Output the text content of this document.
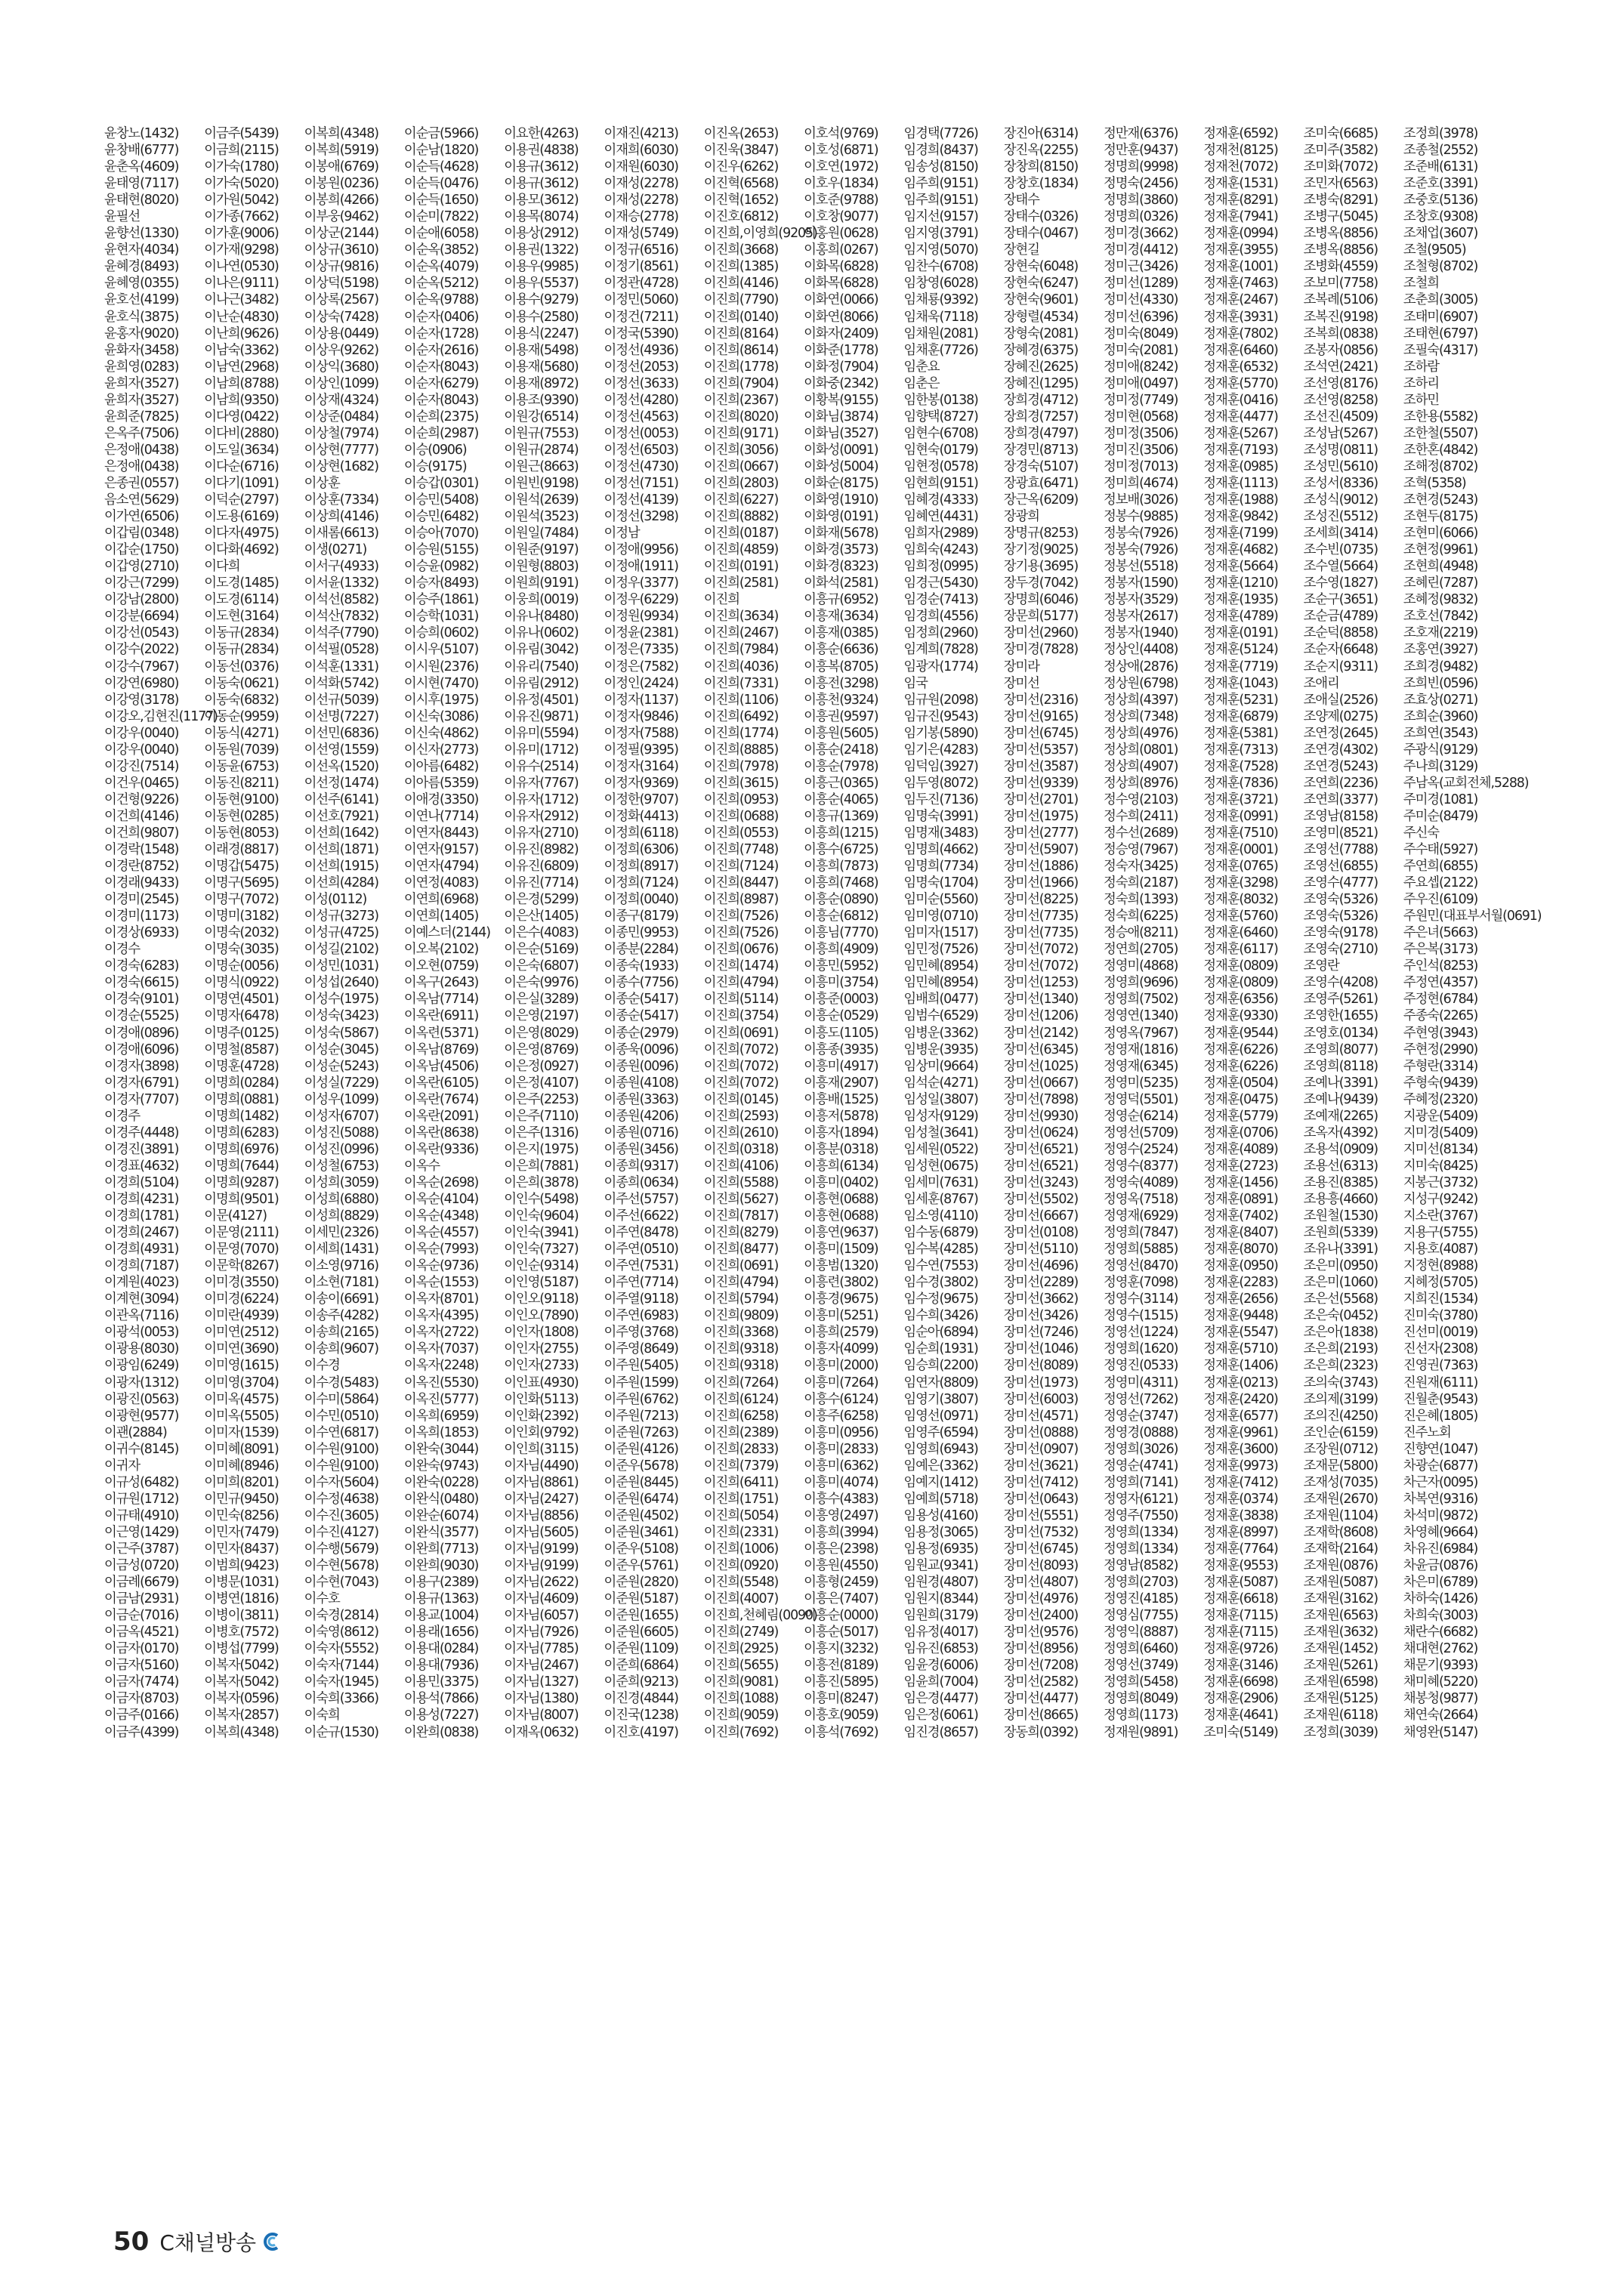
윤창노(1432)
윤창배(6777)
윤춘옥(4609)
윤태영(7117)
윤태현(8020)
윤필선
윤향선(1330)
윤현자(4034)
윤혜경(8493)
윤혜영(0355)
윤호선(4199)
윤호식(3875)
윤홍자(9020)
윤화자(3458)
윤희영(0283)
윤희자(3527)
윤희자(3527)
윤희준(7825)
은옥주(7506)
은정애(0438)
은정애(0438)
은종권(0557)
음소연(5629)
이가연(6506)
이갑림(0348)
이갑순(1750)
이갑영(2710)
이강근(7299)
이강남(2800)
이강분(6694)
이강선(0543)
이강수(2022)
이강수(7967)
이강연(6980)
이강영(3178)
이강오,김현진(1177)
이강우(0040)
이강우(0040)
이강진(7514)
이건우(0465)
이건형(9226)
이건희(4146)
이건희(9807)
이경락(1548)
이경란(8752)
이경래(9433)
이경미(2545)
이경미(1173)
이경상(6933)
이경수
이경숙(6283)
이경숙(6615)
이경숙(9101)
이경순(5525)
이경애(0896)
이경애(6096)
이경자(3898)
이경자(6791)
이경자(7707)
이경주
이경주(4448)
이경진(3891)
이경표(4632)
이경희(5104)
이경희(4231)
이경희(1781)
이경희(2467)
이경희(4931)
이경희(7187)
이계원(4023)
이계현(3094)
이관옥(7116)
이광석(0053)
이광용(8030)
이광임(6249)
이광자(1312)
이광진(0563)
이광현(9577)
이괜(2884)
이귀수(8145)
이귀자
이규성(6482)
이규원(1712)
이규태(4910)
이근영(1429)
이근주(3787)
이금성(0720)
이금례(6679)
이금남(2931)
이금순(7016)
이금옥(4521)
이금자(0170)
이금자(5160)
이금자(7474)
이금자(8703)
이금주(0166)
이금주(4399)
이금주(5439)
이금희(2115)
이가숙(1780)
이가숙(5020)
이가원(5042)
이가종(7662)
이가훈(9006)
이가재(9298)
이나연(0530)
이나은(9111)
이나근(3482)
이난순(4830)
이난희(9626)
이남숙(3362)
이남연(2968)
이남희(8788)
이남희(9350)
이다영(0422)
이다비(2880)
이도일(3634)
이다순(6716)
이다기(1091)
이덕순(2797)
이도용(6169)
이다자(4975)
이다화(4692)
이다희
이도경(1485)
이도경(6114)
이도현(3164)
이동규(2834)
이동규(2834)
이동선(0376)
이동숙(0621)
이동숙(6832)
이동순(9959)
이동식(4271)
이동원(7039)
이동윤(6753)
이동진(8211)
이동현(9100)
이동현(0285)
이동현(8053)
이래경(8817)
이명갑(5475)
이명구(5695)
이명구(7072)
이명미(3182)
이명숙(2032)
이명숙(3035)
이명순(0056)
이명식(0922)
이명연(4501)
이명자(6478)
이명주(0125)
이명철(8587)
이명훈(4728)
이명희(0284)
이명희(0881)
이명희(1482)
이명희(6283)
이명희(6976)
이명희(7644)
이명희(9287)
이명희(9501)
이문(4127)
이문영(2111)
이문영(7070)
이문학(8267)
이미경(3550)
이미경(6224)
이미란(4939)
이미연(2512)
이미연(3690)
이미영(1615)
이미영(3704)
이미옥(4575)
이미옥(5505)
이미자(1539)
이미혜(8091)
이미혜(8946)
이미희(8201)
이민규(9450)
이민숙(8256)
이민자(7479)
이민자(8437)
이범희(9423)
이병문(1031)
이병연(1816)
이병이(3811)
이병호(7572)
이병섭(7799)
이복자(5042)
이복자(5042)
이복자(0596)
이복자(2857)
이복희(4348)
이복희(4348)
이복희(5919)
이봉애(6769)
이봉원(0236)
이봉희(4266)
이부웅(9462)
이상군(2144)
이상규(3610)
이상규(9816)
이상덕(5198)
이상록(2567)
이상숙(7428)
이상용(0449)
이상우(9262)
이상익(3680)
이상인(1099)
이상재(4324)
이상준(0484)
이상철(7974)
이상현(7777)
이상현(1682)
이상훈
이상훈(7334)
이상희(4146)
이새롬(6613)
이생(0271)
이서구(4933)
이서윤(1332)
이석선(8582)
이석산(7832)
이석주(7790)
이석필(0528)
이석훈(1331)
이석화(5742)
이선규(5039)
이선명(7227)
이선민(6836)
이선영(1559)
이선옥(1520)
이선정(1474)
이선주(6141)
이선호(7921)
이선희(1642)
이선희(1871)
이선희(1915)
이선희(4284)
이성(0112)
이성규(3273)
이성규(4725)
이성길(2102)
이성민(1031)
이성섭(2640)
이성수(1975)
이성숙(3423)
이성숙(5867)
이성순(3045)
이성순(5243)
이성실(7229)
이성우(1099)
이성자(6707)
이성진(5088)
이성진(0996)
이성철(6753)
이성희(3059)
이성희(6880)
이성희(8829)
이세민(2326)
이세희(1431)
이소영(9716)
이소현(7181)
이송이(6691)
이송주(4282)
이송희(2165)
이송희(9607)
이수경
이수경(5483)
이수미(5864)
이수민(0510)
이수연(6817)
이수원(9100)
이수원(9100)
이수자(5604)
이수정(4638)
이수진(3605)
이수진(4127)
이수행(5679)
이수현(5678)
이수현(7043)
이수호
이숙경(2814)
이숙영(8612)
이숙자(5552)
이숙자(7144)
이숙자(1945)
이숙희(3366)
이숙희
이순규(1530)
이순금(5966)
이순남(1820)
이순득(4628)
이순득(0476)
이순득(1650)
이순미(7822)
이순애(6058)
이순옥(3852)
이순옥(4079)
이순옥(5212)
이순옥(9788)
이순자(0406)
이순자(1728)
이순자(2616)
이순자(8043)
이순자(6279)
이순자(8043)
이순희(2375)
이순희(2987)
이승(0906)
이승(9175)
이승갑(0301)
이승민(5408)
이승민(6482)
이승아(7070)
이승원(5155)
이승윤(0982)
이승자(8493)
이승주(1861)
이승학(1031)
이승희(0602)
이시우(5107)
이시원(2376)
이시현(7470)
이시후(1975)
이신숙(3086)
이신숙(4862)
이신자(2773)
이아름(6482)
이아름(5359)
이애경(3350)
이연나(7714)
이연자(8443)
이연자(9157)
이연자(4794)
이연정(4083)
이연희(6968)
이연희(1405)
이예스더(2144)
이오복(2102)
이오현(0759)
이옥구(2643)
이옥남(7714)
이옥란(6911)
이옥련(5371)
이옥남(8769)
이옥남(4506)
이옥란(6105)
이옥란(7674)
이옥란(2091)
이옥란(8638)
이옥란(9336)
이옥수
이옥순(2698)
이옥순(4104)
이옥순(4348)
이옥순(4557)
이옥순(7993)
이옥순(9736)
이옥순(1553)
이옥자(8701)
이옥자(4395)
이옥자(2722)
이옥자(7037)
이옥자(2248)
이옥진(5530)
이옥진(5777)
이옥희(6959)
이옥희(1853)
이완숙(3044)
이완숙(9743)
이완숙(0228)
이완식(0480)
이완순(6074)
이완식(3577)
이완희(7713)
이완희(9030)
이용구(2389)
이용규(1363)
이용교(1004)
이용래(1656)
이용대(0284)
이용대(7936)
이용민(3375)
이용석(7866)
이용성(7227)
이완희(0838)
이요한(4263)
이용권(4838)
이용규(3612)
이용규(3612)
이용모(3612)
이용목(8074)
이용상(2912)
이용권(1322)
이용우(9985)
이용우(5537)
이용수(9279)
이용수(2580)
이용식(2247)
이용재(5498)
이용재(5680)
이용재(8972)
이용조(9390)
이원강(6514)
이원규(7553)
이원규(2874)
이원근(8663)
이원빈(9198)
이원석(2639)
이원석(3523)
이원일(7484)
이원준(9197)
이원형(8803)
이원희(9191)
이웅희(0019)
이유나(8480)
이유나(0602)
이유림(3042)
이유리(7540)
이유림(2912)
이유정(4501)
이유진(9871)
이유미(5594)
이유미(1712)
이유수(2514)
이유자(7767)
이유자(1712)
이유자(2912)
이유자(2710)
이유진(8982)
이유진(6809)
이유진(7714)
이은경(5299)
이은산(1405)
이은수(4083)
이은순(5169)
이은숙(6807)
이은숙(9976)
이은실(3289)
이은영(2197)
이은영(8029)
이은영(8769)
이은정(0927)
이은정(4107)
이은주(2253)
이은주(7110)
이은주(1316)
이은지(1975)
이은희(7881)
이은희(3878)
이인수(5498)
이인숙(9604)
이인숙(3941)
이인숙(7327)
이인순(9314)
이인영(5187)
이인오(9118)
이인오(7890)
이인자(1808)
이인자(2755)
이인자(2733)
이인표(4930)
이인화(5113)
이인화(2392)
이인회(9792)
이인희(3115)
이자님(4490)
이자님(8861)
이자님(2427)
이자님(8856)
이자님(5605)
이자님(9199)
이자님(9199)
이자님(2622)
이자님(4609)
이자님(6057)
이자님(7926)
이자님(7785)
이자님(2467)
이자님(1327)
이자님(1380)
이자님(8007)
이재옥(0632)
이재진(4213)
이재희(6030)
이재원(6030)
이재성(2278)
이재성(2278)
이재승(2778)
이재성(5749)
이정규(6516)
이정기(8561)
이정관(4728)
이정민(5060)
이정건(7211)
이정국(5390)
이정선(4936)
이정선(2053)
이정선(3633)
이정선(4280)
이정선(4563)
이정선(0053)
이정선(6503)
이정선(4730)
이정선(7151)
이정선(4139)
이정선(3298)
이정남
이정애(9956)
이정애(1911)
이정우(3377)
이정우(6229)
이정원(9934)
이정윤(2381)
이정은(7335)
이정은(7582)
이정인(2424)
이정자(1137)
이정자(9846)
이정자(7588)
이정필(9395)
이정자(3164)
이정자(9369)
이정한(9707)
이정화(4413)
이정희(6118)
이정희(6306)
이정희(8917)
이정희(7124)
이정희(0040)
이종구(8179)
이종민(9953)
이종분(2284)
이종숙(1933)
이종수(7756)
이종순(5417)
이종순(5417)
이종순(2979)
이종욱(0096)
이종원(0096)
이종원(4108)
이종원(3363)
이종원(4206)
이종원(0716)
이종원(3456)
이종희(9317)
이종희(0634)
이주선(5757)
이주선(6622)
이주연(8478)
이주연(0510)
이주연(7531)
이주연(7714)
이주열(9118)
이주연(6983)
이주영(3768)
이주영(8649)
이주원(5405)
이주원(1599)
이주원(6762)
이주원(7213)
이준원(7263)
이준원(4126)
이준우(5678)
이준원(8445)
이준원(6474)
이준원(4502)
이준원(3461)
이준우(5108)
이준우(5761)
이준원(2820)
이준원(5187)
이준원(1655)
이준원(6605)
이준원(1109)
이준희(6864)
이준희(9213)
이진경(4844)
이진국(1238)
이진호(4197)
이진옥(2653)
이진욱(3847)
이진우(6262)
이진혁(6568)
이진혁(1652)
이진호(6812)
이진희,이영희(9205)
이진희(3668)
이진희(1385)
이진희(4146)
이진희(7790)
이진희(0140)
이진희(8164)
이진희(8614)
이진희(1778)
이진희(7904)
이진희(2367)
이진희(8020)
이진희(9171)
이진희(3056)
이진희(0667)
이진희(2803)
이진희(6227)
이진희(8882)
이진희(0187)
이진희(4859)
이진희(0191)
이진희(2581)
이진희
이진희(3634)
이진희(2467)
이진희(7984)
이진희(4036)
이진희(7331)
이진희(1106)
이진희(6492)
이진희(1774)
이진희(8885)
이진희(7978)
이진희(3615)
이진희(0953)
이진희(0688)
이진희(0553)
이진희(7748)
이진희(7124)
이진희(8447)
이진희(8987)
이진희(7526)
이진희(7526)
이진희(0676)
이진희(1474)
이진희(4794)
이진희(5114)
이진희(3754)
이진희(0691)
이진희(7072)
이진희(7072)
이진희(7072)
이진희(0145)
이진희(2593)
이진희(2610)
이진희(0318)
이진희(4106)
이진희(5588)
이진희(5627)
이진희(7817)
이진희(8279)
이진희(8477)
이진희(0691)
이진희(4794)
이진희(5794)
이진희(9809)
이진희(3368)
이진희(9318)
이진희(9318)
이진희(7264)
이진희(6124)
이진희(6258)
이진희(2389)
이진희(2833)
이진희(7379)
이진희(6411)
이진희(1751)
이진희(5054)
이진희(2331)
이진희(1006)
이진희(0920)
이진희(5548)
이진희(4007)
이진희,천혜림(0090)
이진희(2749)
이진희(2925)
이진희(5655)
이진희(9081)
이진희(1088)
이진희(9059)
이진희(7692)
이호석(9769)
이호성(6871)
이호연(1972)
이호우(1834)
이호준(9788)
이호창(9077)
이홍원(0628)
이홍희(0267)
이화목(6828)
이화목(6828)
이화연(0066)
이화연(8066)
이화자(2409)
이화준(1778)
이화정(7904)
이화중(2342)
이황복(9155)
이화님(3874)
이화님(3527)
이화성(0091)
이화성(5004)
이화순(8175)
이화영(1910)
이화영(0191)
이화재(5678)
이화경(3573)
이화경(8323)
이화석(2581)
이흥규(6952)
이흥재(3634)
이흥재(0385)
이흥순(6636)
이흥복(8705)
이흥전(3298)
이흥천(9324)
이흥권(9597)
이흥원(5605)
이흥순(2418)
이흥순(7978)
이흥근(0365)
이흥순(4065)
이흥규(1369)
이흥희(1215)
이흥수(6725)
이흥희(7873)
이흥희(7468)
이흥순(0890)
이흥순(6812)
이흥님(7770)
이흥희(4909)
이흥민(5952)
이흥미(3754)
이흥준(0003)
이흥순(0529)
이흥도(1105)
이흥종(3935)
이흥미(4917)
이흥재(2907)
이흥배(1525)
이흥저(5878)
이흥자(1894)
이흥분(0318)
이흥희(6134)
이흥미(0402)
이흥현(0688)
이흥현(0688)
이흥연(9637)
이흥미(1509)
이흥범(1320)
이흥련(3802)
이흥경(9675)
이흥미(5251)
이흥희(2579)
이흥자(4099)
이흥미(2000)
이흥미(7264)
이흥수(6124)
이흥주(6258)
이흥미(0956)
이흥미(2833)
이흥미(6362)
이흥미(4074)
이흥수(4383)
이흥영(2497)
이흥희(3994)
이흥은(2398)
이흥원(4550)
이흥형(2459)
이흥은(7407)
이흥순(0000)
이흥순(5017)
이흥지(3232)
이흥전(8189)
이흥진(5895)
이흥미(8247)
이흥호(9059)
이흥석(7692)
임경택(7726)
임경희(8437)
임송성(8150)
임주희(9151)
임주희(9151)
임지선(9157)
임지영(3791)
임지영(5070)
임찬수(6708)
임창영(6028)
임채룡(9392)
임채욱(7118)
임채원(2081)
임채훈(7726)
임춘요
임춘은
임한봉(0138)
임향택(8727)
임현수(6708)
임현숙(0179)
임현정(0578)
임현희(9151)
임혜경(4333)
임혜연(4431)
임희자(2989)
임희숙(4243)
임희정(0995)
임경근(5430)
임경순(7413)
임경희(4556)
임정희(2960)
임계희(7828)
임광자(1774)
임국
임규원(2098)
임규진(9543)
임기봉(5890)
임기은(4283)
임덕임(3927)
임두영(8072)
임두진(7136)
임명숙(3991)
임명재(3483)
임명희(4662)
임명희(7734)
임명숙(1704)
임미순(5560)
임미영(0710)
임미자(1517)
임민정(7526)
임민혜(8954)
임민혜(8954)
임배희(0477)
임범수(6529)
임병운(3362)
임병운(3935)
임상미(9664)
임석순(4271)
임성일(3807)
임성자(9129)
임성철(3641)
임세원(0522)
임성현(0675)
임세미(7631)
임세훈(8767)
임소영(4110)
임수동(6879)
임수복(4285)
임수연(7553)
임수경(3802)
임수정(9675)
임수희(3426)
임순아(6894)
임순희(1931)
임승희(2200)
임연자(8809)
임영기(3807)
임영선(0971)
임영주(6594)
임영희(6943)
임예은(3362)
임예지(1412)
임예희(5718)
임용성(4160)
임용정(3065)
임용정(6935)
임원교(9341)
임원경(4807)
임원지(8344)
임원희(3179)
임유정(4017)
임유진(6853)
임윤경(6006)
임윤희(7004)
임은경(4477)
임은정(6061)
임진경(8657)
장진아(6314)
장진옥(2255)
장창희(8150)
장창호(1834)
장태수
장태수(0326)
장태수(0467)
장현길
장현숙(6048)
장현숙(6247)
장현숙(9601)
장형렬(4534)
장형숙(2081)
장혜경(6375)
장혜진(2625)
장혜진(1295)
장희경(4712)
장희경(7257)
장희경(4797)
장경민(8713)
장경숙(5107)
장광효(6471)
장근옥(6209)
장광희
장명규(8253)
장기정(9025)
장기용(3695)
장두경(7042)
장명희(6046)
장문희(5177)
장미선(2960)
장미경(7828)
장미라
장미선
장미선(2316)
장미선(9165)
장미선(6745)
장미선(5357)
장미선(3587)
장미선(9339)
장미선(2701)
장미선(1975)
장미선(2777)
장미선(5907)
장미선(1886)
장미선(1966)
장미선(8225)
장미선(7735)
장미선(7735)
장미선(7072)
장미선(7072)
장미선(1253)
장미선(1340)
장미선(1206)
장미선(2142)
장미선(6345)
장미선(1025)
장미선(0667)
장미선(7898)
장미선(9930)
장미선(0624)
장미선(6521)
장미선(6521)
장미선(3243)
장미선(5502)
장미선(6667)
장미선(0108)
장미선(5110)
장미선(4696)
장미선(2289)
장미선(3662)
장미선(3426)
장미선(7246)
장미선(1046)
장미선(8089)
장미선(1973)
장미선(6003)
장미선(4571)
장미선(0888)
장미선(0907)
장미선(3621)
장미선(7412)
장미선(0643)
장미선(5551)
장미선(7532)
장미선(6745)
장미선(8093)
장미선(4807)
장미선(4976)
장미선(2400)
장미선(9576)
장미선(8956)
장미선(7208)
장미선(2582)
장미선(4477)
장미선(8665)
장동희(0392)
정만재(6376)
정만훈(9437)
정명희(9998)
정명숙(2456)
정명희(3860)
정명희(0326)
정미경(3662)
정미경(4412)
정미근(3426)
정미선(1289)
정미선(4330)
정미선(6396)
정미숙(8049)
정미숙(2081)
정미애(8242)
정미애(0497)
정미정(7749)
정미현(0568)
정미정(3506)
정미진(3506)
정미정(7013)
정미희(4674)
정보배(3026)
정봉수(9885)
정봉숙(7926)
정봉숙(7926)
정봉선(5518)
정봉자(1590)
정봉자(3529)
정봉자(2617)
정봉자(1940)
정상인(4408)
정상애(2876)
정상원(6798)
정상희(4397)
정상희(7348)
정상희(4976)
정상희(0801)
정상희(4907)
정상희(8976)
정수영(2103)
정수희(2411)
정수선(2689)
정승영(7967)
정숙자(3425)
정숙희(2187)
정숙희(1393)
정숙희(6225)
정승애(8211)
정연희(2705)
정영미(4868)
정영희(9696)
정영희(7502)
정영연(1340)
정영옥(7967)
정영재(1816)
정영재(6345)
정영미(5235)
정영덕(5501)
정영순(6214)
정영선(5709)
정영수(2524)
정영수(8377)
정영숙(4089)
정영옥(7518)
정영재(6929)
정영희(7847)
정영희(5885)
정영선(8470)
정영훈(7098)
정영수(3114)
정영수(1515)
정영선(1224)
정영희(1620)
정영진(0533)
정영미(4311)
정영선(7262)
정영순(3747)
정영경(0888)
정영희(3026)
정영순(4741)
정영희(7141)
정영자(6121)
정영주(7550)
정영희(1334)
정영희(1334)
정영남(8582)
정영희(2703)
정영진(4185)
정영심(7755)
정영익(8887)
정영희(6460)
정영선(3749)
정영희(5458)
정영희(8049)
정영희(1173)
정재원(9891)
정재훈(6592)
정재천(8125)
정재천(7072)
정재훈(1531)
정재훈(8291)
정재훈(7941)
정재훈(0994)
정재훈(3955)
정재훈(1001)
정재훈(7463)
정재훈(2467)
정재훈(3931)
정재훈(7802)
정재훈(6460)
정재훈(6532)
정재훈(5770)
정재훈(0416)
정재훈(4477)
정재훈(5267)
정재훈(7193)
정재훈(0985)
정재훈(1113)
정재훈(1988)
정재훈(9842)
정재훈(7199)
정재훈(4682)
정재훈(5664)
정재훈(1210)
정재훈(1935)
정재훈(4789)
정재훈(0191)
정재훈(5124)
정재훈(7719)
정재훈(1043)
정재훈(5231)
정재훈(6879)
정재훈(5381)
정재훈(7313)
정재훈(7528)
정재훈(7836)
정재훈(3721)
정재훈(0991)
정재훈(7510)
정재훈(0001)
정재훈(0765)
정재훈(3298)
정재훈(8032)
정재훈(5760)
정재훈(6460)
정재훈(6117)
정재훈(0809)
정재훈(0809)
정재훈(6356)
정재훈(9330)
정재훈(9544)
정재훈(6226)
정재훈(6226)
정재훈(0504)
정재훈(0475)
정재훈(5779)
정재훈(0706)
정재훈(4089)
정재훈(2723)
정재훈(1456)
정재훈(0891)
정재훈(7402)
정재훈(8407)
정재훈(8070)
정재훈(0950)
정재훈(2283)
정재훈(2656)
정재훈(9448)
정재훈(5547)
정재훈(5710)
정재훈(1406)
정재훈(0213)
정재훈(2420)
정재훈(6577)
정재훈(9961)
정재훈(3600)
정재훈(9973)
정재훈(7412)
정재훈(0374)
정재훈(3838)
정재훈(8997)
정재훈(7764)
정재훈(9553)
정재훈(5087)
정재훈(6618)
정재훈(7115)
정재훈(7115)
정재훈(9726)
정재훈(3146)
정재훈(6698)
정재훈(2906)
정재훈(4641)
조미숙(5149)
조미숙(6685)
조미주(3582)
조미화(7072)
조민자(6563)
조병숙(8291)
조병구(5045)
조병옥(8856)
조병옥(8856)
조병화(4559)
조보미(7758)
조복례(5106)
조복진(9198)
조복희(0838)
조봉자(0856)
조석연(2421)
조선영(8176)
조선영(8258)
조선진(4509)
조성남(5267)
조성명(0811)
조성민(5610)
조성서(8336)
조성식(9012)
조성진(5512)
조세희(3414)
조수빈(0735)
조수열(5664)
조수영(1827)
조순구(3651)
조순금(4789)
조순덕(8858)
조순자(6648)
조순지(9311)
조애리
조애실(2526)
조양제(0275)
조연정(2645)
조연경(4302)
조연경(5243)
조연희(2236)
조연희(3377)
조영남(8158)
조영미(8521)
조영선(7788)
조영선(6855)
조영수(4777)
조영숙(5326)
조영숙(5326)
조영숙(9178)
조영숙(2710)
조영란
조영수(4208)
조영주(5261)
조영한(1655)
조영호(0134)
조영희(8077)
조영희(8118)
조예나(3391)
조예나(9439)
조예재(2265)
조옥자(4392)
조용석(0909)
조용선(6313)
조용진(8385)
조용흥(4660)
조원철(1530)
조원희(5339)
조유나(3391)
조은미(0950)
조은미(1060)
조은선(5568)
조은숙(0452)
조은아(1838)
조은희(2193)
조은희(2323)
조의숙(3743)
조의제(3199)
조의진(4250)
조인순(6159)
조장원(0712)
조재문(5800)
조재성(7035)
조재원(2670)
조재원(1104)
조재학(8608)
조재학(2164)
조재원(0876)
조재원(5087)
조재원(3162)
조재원(6563)
조재원(3632)
조재원(1452)
조재원(5261)
조재원(6598)
조재원(5125)
조재원(6118)
조정희(3039)
조정희(3978)
조종철(2552)
조준배(6131)
조준호(3391)
조중호(5136)
조창호(9308)
조채업(3607)
조철(9505)
조철형(8702)
조철희
조춘희(3005)
조태미(6907)
조태현(6797)
조필숙(4317)
조하람
조하리
조하민
조한용(5582)
조한철(5507)
조한혼(4842)
조해정(8702)
조혁(5358)
조현경(5243)
조현두(8175)
조현미(6066)
조현정(9961)
조현희(4948)
조혜린(7287)
조혜정(9832)
조호선(7842)
조호재(2219)
조홍연(3927)
조희경(9482)
조희빈(0596)
조효상(0271)
조희순(3960)
조희연(3543)
주광식(9129)
주나희(3129)
주남옥(교회전체,5288)
주미경(1081)
주미순(8479)
주신숙
주수태(5927)
주연희(6855)
주요셉(2122)
주우진(6109)
주원민(대표부서월(0691)
주은녀(5663)
주은복(3173)
주인석(8253)
주정연(4357)
주정현(6784)
주종숙(2265)
주현영(3943)
주현정(2990)
주형란(3314)
주형숙(9439)
주혜정(2320)
지광운(5409)
지미경(5409)
지미선(8134)
지미숙(8425)
지봉근(3732)
지성구(9242)
지소란(3767)
지용구(5755)
지용호(4087)
지정현(8988)
지혜정(5705)
지희진(1534)
진미숙(3780)
진선미(0019)
진선자(2308)
진영권(7363)
진원재(6111)
진월춘(9543)
진은혜(1805)
진주노회
진향연(1047)
차광순(6877)
차근자(0095)
차복연(9316)
차석미(9872)
차영혜(9664)
차유진(6984)
차윤금(0876)
차은미(6789)
차하숙(1426)
차희숙(3003)
채란수(6682)
채대현(2762)
채문기(9393)
채미혜(5220)
채봉청(9877)
채연숙(2664)
채영완(5147)
50 C채널방송
